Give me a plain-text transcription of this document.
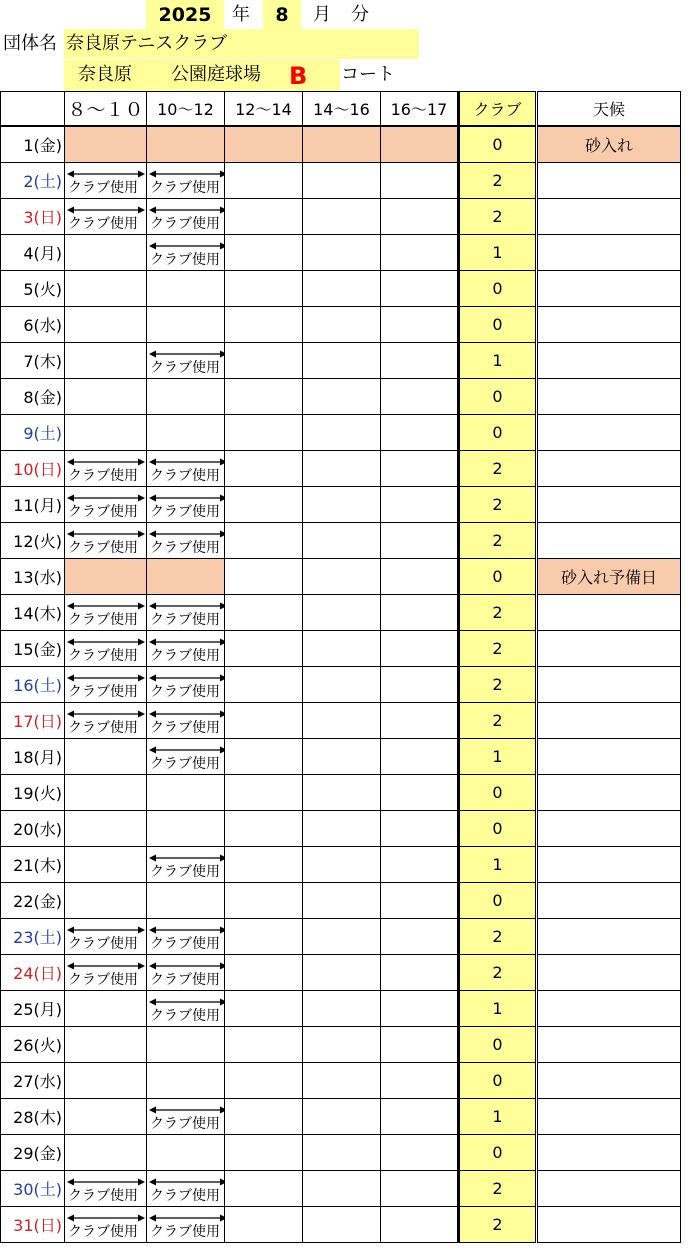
2025	年	8	月 分
団体名 奈良原テニスクラブ
奈良原	公園庭球場 B コート
	８～１０	10～12	12～14	14～16	16～17	クラブ	天候
1(金)						0	砂入れ
2(土)	クラブ使用	クラブ使用				2	
3(日)	クラブ使用	クラブ使用				2	
4(月)		クラブ使用				1	
5(火)						0	
6(水)						0	
7(木)		クラブ使用				1	
8(金)						0	
9(土)						0	
10(日)	クラブ使用	クラブ使用				2	
11(月)	クラブ使用	クラブ使用				2	
12(火)	クラブ使用	クラブ使用				2	
13(水)						0	砂入れ予備日
14(木)	クラブ使用	クラブ使用				2	
15(金)	クラブ使用	クラブ使用				2	
16(土)	クラブ使用	クラブ使用				2	
17(日)	クラブ使用	クラブ使用				2	
18(月)		クラブ使用				1	
19(火)						0	
20(水)						0	
21(木)		クラブ使用				1	
22(金)						0	
23(土)	クラブ使用	クラブ使用				2	
24(日)	クラブ使用	クラブ使用				2	
25(月)		クラブ使用				1	
26(火)						0	
27(水)						0	
28(木)		クラブ使用				1	
29(金)						0	
30(土)	クラブ使用	クラブ使用				2	
31(日)	クラブ使用	クラブ使用				2	
